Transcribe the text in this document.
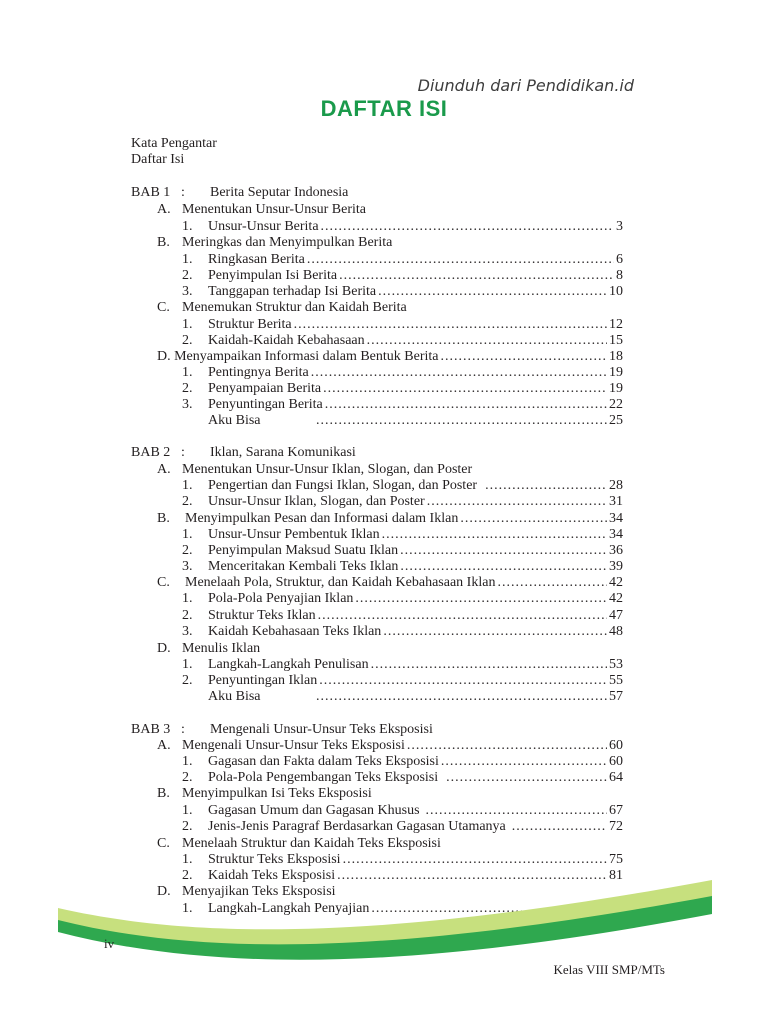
Diunduh dari Pendidikan.id
DAFTAR ISI
Kata Pengantar
Daftar Isi
BAB 1 : Berita Seputar Indonesia
A. Menentukan Unsur-Unsur Berita
1.	Unsur-Unsur Berita .....	3
B. Meringkas dan Menyimpulkan Berita
1.	Ringkasan Berita .....	6
2.	Penyimpulan Isi Berita .....	8
3.	Tanggapan terhadap Isi Berita .....	10
C. Menemukan Struktur dan Kaidah Berita
1.	Struktur Berita .....	12
2.	Kaidah-Kaidah Kebahasaan .....	15
D. Menyampaikan Informasi dalam Bentuk Berita .....	18
1.	Pentingnya Berita .....	19
2.	Penyampaian Berita .....	19
3.	Penyuntingan Berita .....	22
Aku Bisa .....	25
BAB 2 : Iklan, Sarana Komunikasi
A. Menentukan Unsur-Unsur Iklan, Slogan, dan Poster
1.	Pengertian dan Fungsi Iklan, Slogan, dan Poster .....	28
2.	Unsur-Unsur Iklan, Slogan, dan Poster .....	31
B.	Menyimpulkan Pesan dan Informasi dalam Iklan .....	34
1.	Unsur-Unsur Pembentuk Iklan .....	34
2.	Penyimpulan Maksud Suatu Iklan .....	36
3.	Menceritakan Kembali Teks Iklan .....	39
C.	Menelaah Pola, Struktur, dan Kaidah Kebahasaan Iklan .....	42
1.	Pola-Pola Penyajian Iklan .....	42
2.	Struktur Teks Iklan .....	47
3.	Kaidah Kebahasaan Teks Iklan .....	48
D. Menulis Iklan
1.	Langkah-Langkah Penulisan .....	53
2.	Penyuntingan Iklan .....	55
Aku Bisa .....	57
BAB 3 : Mengenali Unsur-Unsur Teks Eksposisi
A. Mengenali Unsur-Unsur Teks Eksposisi .....	60
1.	Gagasan dan Fakta dalam Teks Eksposisi .....	60
2.	Pola-Pola Pengembangan Teks Eksposisi .....	64
B. Menyimpulkan Isi Teks Eksposisi
1.	Gagasan Umum dan Gagasan Khusus .....	67
2.	Jenis-Jenis Paragraf Berdasarkan Gagasan Utamanya .....	72
C. Menelaah Struktur dan Kaidah Teks Eksposisi
1.	Struktur Teks Eksposisi .....	75
2.	Kaidah Teks Eksposisi .....	81
D. Menyajikan Teks Eksposisi
1.	Langkah-Langkah Penyajian
.....
iv
Kelas VIII SMP/MTs
